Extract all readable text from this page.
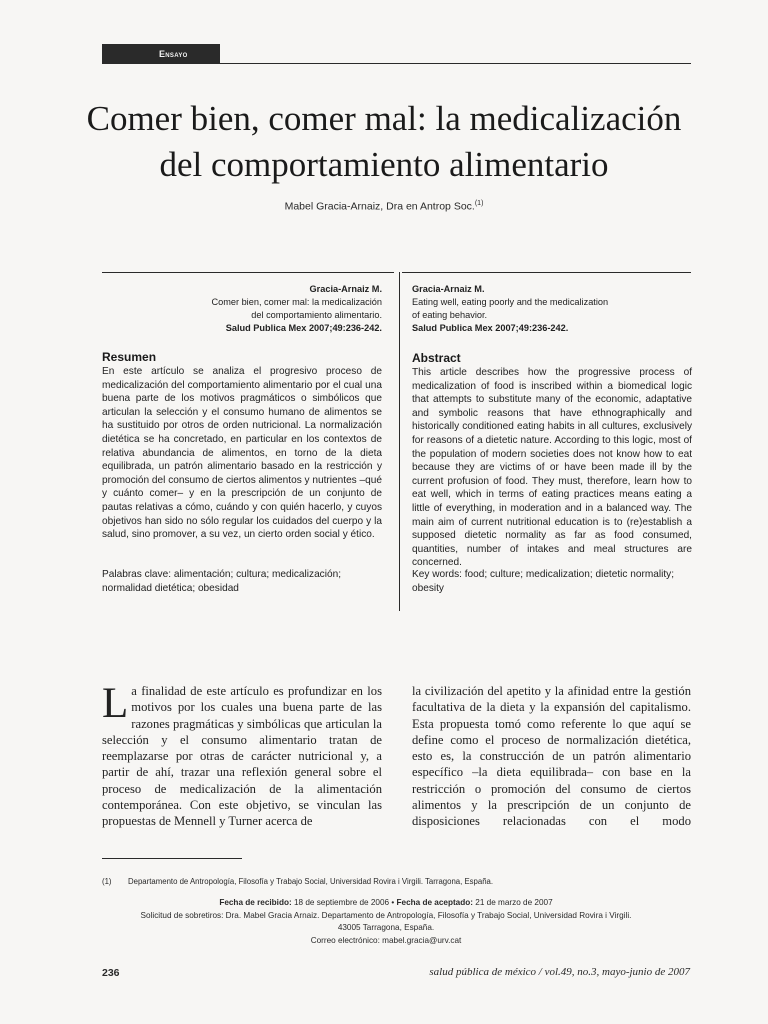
Ensayo
Comer bien, comer mal: la medicalización
del comportamiento alimentario
Mabel Gracia-Arnaiz, Dra en Antrop Soc.$^{(1)}$
Gracia-Arnaiz M.
Comer bien, comer mal: la medicalización
del comportamiento alimentario.
Salud Publica Mex 2007;49:236-242.
Gracia-Arnaiz M.
Eating well, eating poorly and the medicalization
of eating behavior.
Salud Publica Mex 2007;49:236-242.
Resumen
En este artículo se analiza el progresivo proceso de medicalización del comportamiento alimentario por el cual una buena parte de los motivos pragmáticos o simbólicos que articulan la selección y el consumo humano de alimentos se ha sustituido por otros de orden nutricional. La normalización dietética se ha concretado, en particular en los contextos de relativa abundancia de alimentos, en torno de la dieta equilibrada, un patrón alimentario basado en la restricción y promoción del consumo de ciertos alimentos y nutrientes –qué y cuánto comer– y en la prescripción de un conjunto de pautas relativas a cómo, cuándo y con quién hacerlo, y cuyos objetivos han sido no sólo regular los cuidados del cuerpo y la salud, sino promover, a su vez, un cierto orden social y ético.
Palabras clave: alimentación; cultura; medicalización; normalidad dietética; obesidad
Abstract
This article describes how the progressive process of medicalization of food is inscribed within a biomedical logic that attempts to substitute many of the economic, adaptative and symbolic reasons that have ethnographically and historically conditioned eating habits in all cultures, exclusively for reasons of a dietetic nature. According to this logic, most of the population of modern societies does not know how to eat because they are victims of or have been made ill by the current profusion of food. They must, therefore, learn how to eat well, which in terms of eating practices means eating a little of everything, in moderation and in a balanced way. The main aim of current nutritional education is to (re)establish a supposed dietetic normality as far as food consumed, quantities, number of intakes and meal structures are concerned.
Key words: food; culture; medicalization; dietetic normality; obesity
La finalidad de este artículo es profundizar en los motivos por los cuales una buena parte de las razones pragmáticas y simbólicas que articulan la selección y el consumo alimentario tratan de reemplazarse por otras de carácter nutricional y, a partir de ahí, trazar una reflexión general sobre el proceso de medicalización de la alimentación contemporánea. Con este objetivo, se vinculan las propuestas de Mennell y Turner acerca de
la civilización del apetito y la afinidad entre la gestión facultativa de la dieta y la expansión del capitalismo. Esta propuesta tomó como referente lo que aquí se define como el proceso de normalización dietética, esto es, la construcción de un patrón alimentario específico –la dieta equilibrada– con base en la restricción o promoción del consumo de ciertos alimentos y la prescripción de un conjunto de disposiciones relacionadas con el modo
(1) Departamento de Antropología, Filosofía y Trabajo Social, Universidad Rovira i Virgili. Tarragona, España.
Fecha de recibido: 18 de septiembre de 2006 • Fecha de aceptado: 21 de marzo de 2007
Solicitud de sobretiros: Dra. Mabel Gracia Arnaiz. Departamento de Antropología, Filosofía y Trabajo Social, Universidad Rovira i Virgili.
43005 Tarragona, España.
Correo electrónico: mabel.gracia@urv.cat
236	salud pública de méxico / vol.49, no.3, mayo-junio de 2007
